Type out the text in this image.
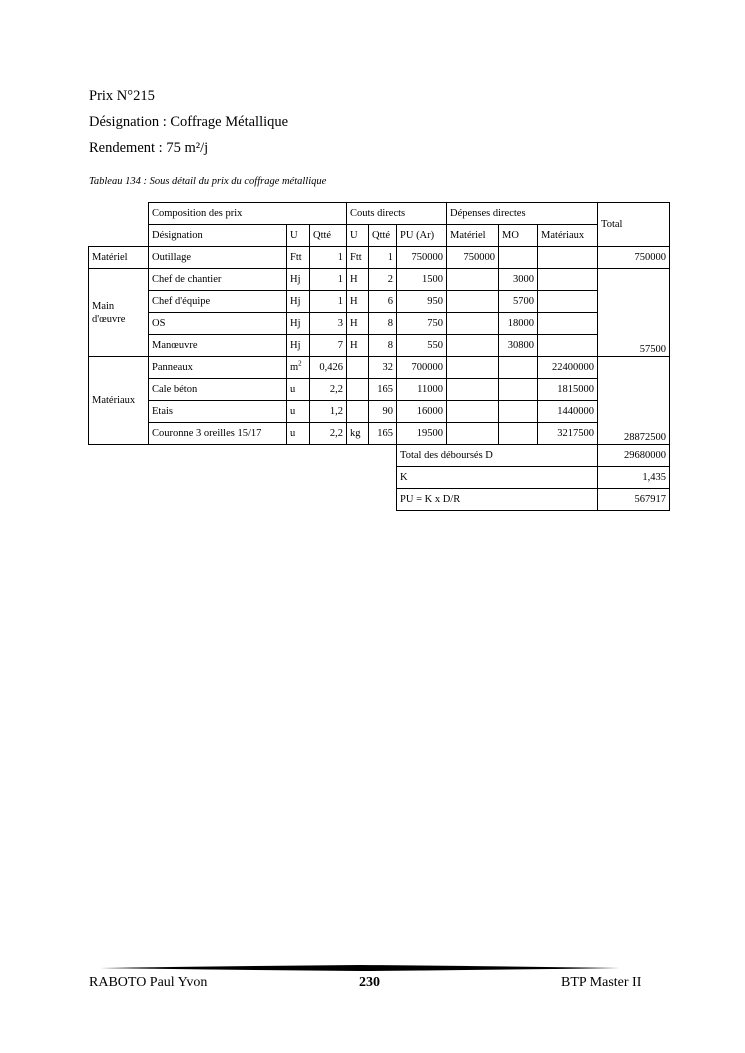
Prix N°215
Désignation : Coffrage Métallique
Rendement : 75 m²/j
Tableau 134 : Sous détail du prix du coffrage métallique
	Composition des prix			Couts directs			Dépenses directes			Total
	Désignation	U	Qtté	U	Qtté	PU (Ar)	Matériel	MO	Matériaux	
Matériel	Outillage	Ftt	1	Ftt	1	750000	750000			750000

Main
d'œuvre	Chef de chantier	Hj	1	H	2	1500		3000		57500
	Chef d'équipe	Hj	1	H	6	950		5700		
	OS	Hj	3	H	8	750		18000		
	Manœuvre	Hj	7	H	8	550		30800		
Matériaux	Panneaux	$m^2$	0,426		32	700000			22400000	28872500
	Cale béton	u	2,2		165	11000			1815000	
	Etais	u	1,2		90	16000			1440000	
	Couronne 3 oreilles 15/17	u	2,2	kg	165	19500			3217500	
						Total des déboursés D				29680000
						K				1,435
						PU = K x D/R				567917
RABOTO Paul Yvon	230	BTP Master II
